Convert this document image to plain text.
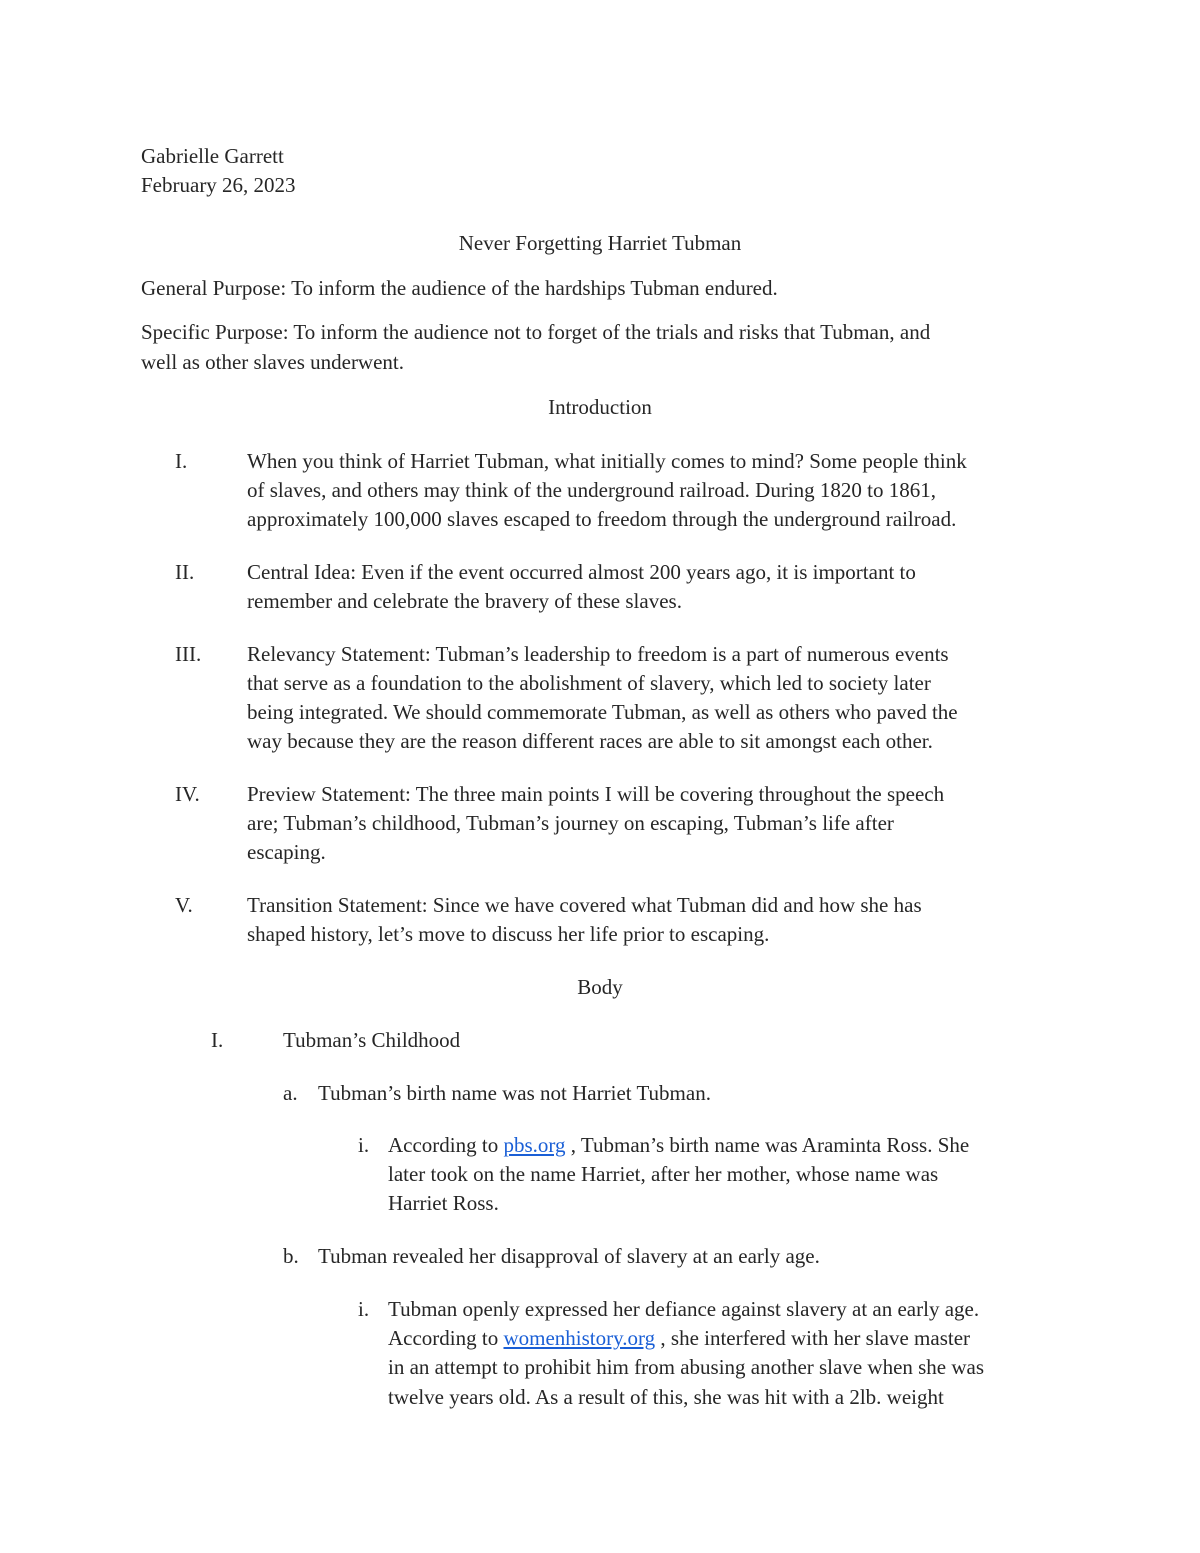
Gabrielle Garrett
February 26, 2023
Never Forgetting Harriet Tubman
General Purpose: To inform the audience of the hardships Tubman endured.
Specific Purpose: To inform the audience not to forget of the trials and risks that Tubman, and
well as other slaves underwent.
Introduction
I.	When you think of Harriet Tubman, what initially comes to mind? Some people think
of slaves, and others may think of the underground railroad. During 1820 to 1861,
approximately 100,000 slaves escaped to freedom through the underground railroad.
II.	Central Idea: Even if the event occurred almost 200 years ago, it is important to
remember and celebrate the bravery of these slaves.
III. Relevancy Statement: Tubman’s leadership to freedom is a part of numerous events
that serve as a foundation to the abolishment of slavery, which led to society later
being integrated. We should commemorate Tubman, as well as others who paved the
way because they are the reason different races are able to sit amongst each other.
IV. Preview Statement: The three main points I will be covering throughout the speech
are; Tubman’s childhood, Tubman’s journey on escaping, Tubman’s life after
escaping.
V.	Transition Statement: Since we have covered what Tubman did and how she has
shaped history, let’s move to discuss her life prior to escaping.
Body
I.	Tubman’s Childhood
a. Tubman’s birth name was not Harriet Tubman.
i. According to pbs.org , Tubman’s birth name was Araminta Ross. She
later took on the name Harriet, after her mother, whose name was
Harriet Ross.
b. Tubman revealed her disapproval of slavery at an early age.
i. Tubman openly expressed her defiance against slavery at an early age.
According to womenhistory.org , she interfered with her slave master
in an attempt to prohibit him from abusing another slave when she was
twelve years old. As a result of this, she was hit with a 2lb. weight
